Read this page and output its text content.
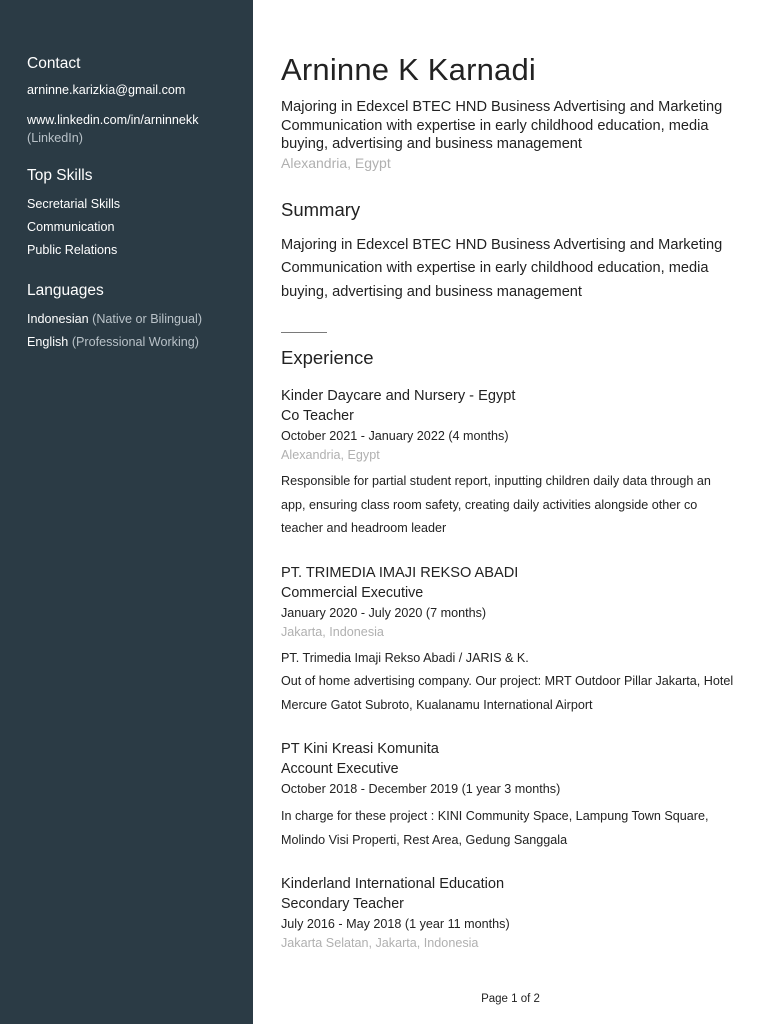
Contact
arninne.karizkia@gmail.com
www.linkedin.com/in/arninnekk
(LinkedIn)
Top Skills
Secretarial Skills
Communication
Public Relations
Languages
Indonesian (Native or Bilingual)
English (Professional Working)
Arninne K Karnadi
Majoring in Edexcel BTEC HND Business Advertising and Marketing Communication with expertise in early childhood education, media buying, advertising and business management
Alexandria, Egypt
Summary
Majoring in Edexcel BTEC HND Business Advertising and Marketing Communication with expertise in early childhood education, media buying, advertising and business management
Experience
Kinder Daycare and Nursery - Egypt
Co Teacher
October 2021 - January 2022 (4 months)
Alexandria, Egypt
Responsible for partial student report, inputting children daily data through an app, ensuring class room safety, creating daily activities alongside other co teacher and headroom leader
PT. TRIMEDIA IMAJI REKSO ABADI
Commercial Executive
January 2020 - July 2020 (7 months)
Jakarta, Indonesia
PT. Trimedia Imaji Rekso Abadi / JARIS & K.
Out of home advertising company. Our project: MRT Outdoor Pillar Jakarta, Hotel Mercure Gatot Subroto, Kualanamu International Airport
PT Kini Kreasi Komunita
Account Executive
October 2018 - December 2019 (1 year 3 months)
In charge for these project : KINI Community Space, Lampung Town Square, Molindo Visi Properti, Rest Area, Gedung Sanggala
Kinderland International Education
Secondary Teacher
July 2016 - May 2018 (1 year 11 months)
Jakarta Selatan, Jakarta, Indonesia
Page 1 of 2
